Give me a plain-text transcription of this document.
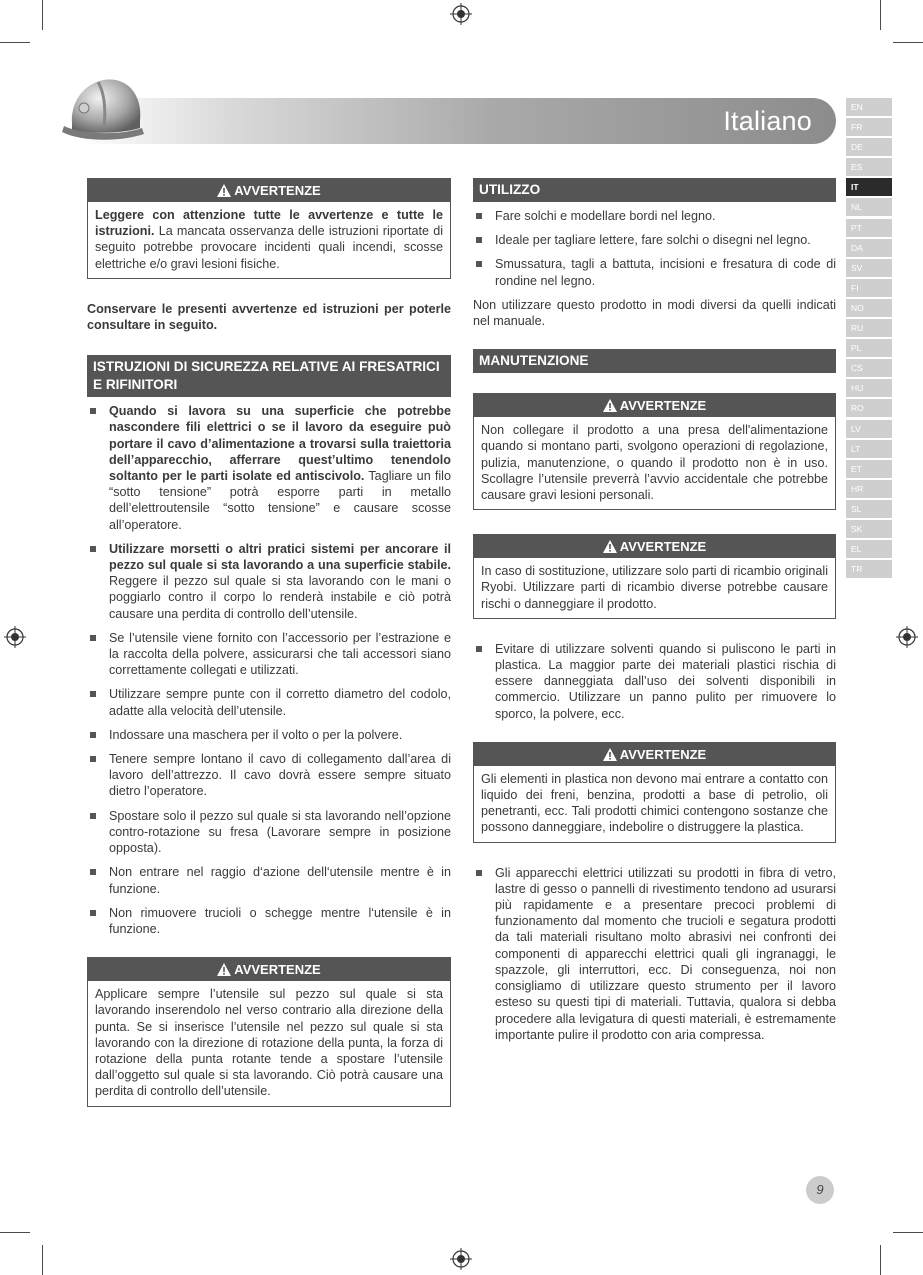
Italiano	EN
FR
DE
ES
IT
NL
PT
DA
SV
FI
NO
RU
PL
CS
HU
RO
LV
LT
ET
HR
SL
SK
EL
TR
AVVERTENZE
Leggere con attenzione tutte le avvertenze e tutte le istruzioni. La mancata osservanza delle istruzioni riportate di seguito potrebbe provocare incidenti quali incendi, scosse elettriche e/o gravi lesioni fisiche.

Conservare le presenti avvertenze ed istruzioni per poterle consultare in seguito.

ISTRUZIONI DI SICUREZZA RELATIVE AI FRESATRICI E RIFINITORI
Quando si lavora su una superficie che potrebbe nascondere fili elettrici o se il lavoro da eseguire può portare il cavo d’alimentazione a trovarsi sulla traiettoria dell’apparecchio, afferrare quest’ultimo tenendolo soltanto per le parti isolate ed antiscivolo. Tagliare un filo “sotto tensione” potrà esporre parti in metallo dell’elettroutensile “sotto tensione” e causare scosse all’operatore.
Utilizzare morsetti o altri pratici sistemi per ancorare il pezzo sul quale si sta lavorando a una superficie stabile. Reggere il pezzo sul quale si sta lavorando con le mani o poggiarlo contro il corpo lo renderà instabile e ciò potrà causare una perdita di controllo dell’utensile.
Se l’utensile viene fornito con l’accessorio per l’estrazione e la raccolta della polvere, assicurarsi che tali accessori siano correttamente collegati e utilizzati.
Utilizzare sempre punte con il corretto diametro del codolo, adatte alla velocità dell’utensile.
Indossare una maschera per il volto o per la polvere.
Tenere sempre lontano il cavo di collegamento dall’area di lavoro dell’attrezzo. Il cavo dovrà essere sempre situato dietro l’operatore.
Spostare solo il pezzo sul quale si sta lavorando nell’opzione contro-rotazione su fresa (Lavorare sempre in posizione opposta).
Non entrare nel raggio d‘azione dell‘utensile mentre è in funzione.
Non rimuovere trucioli o schegge mentre l‘utensile è in funzione.
AVVERTENZE
Applicare sempre l’utensile sul pezzo sul quale si sta lavorando inserendolo nel verso contrario alla direzione della punta. Se si inserisce l’utensile nel pezzo sul quale si sta lavorando con la direzione di rotazione della punta, la forza di rotazione della punta rotante tende a spostare l’utensile dall’oggetto sul quale si sta lavorando. Ciò potrà causare una perdita di controllo dell’utensile.
UTILIZZO
Fare solchi e modellare bordi nel legno.
Ideale per tagliare lettere, fare solchi o disegni nel legno.
Smussatura, tagli a battuta, incisioni e fresatura di code di rondine nel legno.

Non utilizzare questo prodotto in modi diversi da quelli indicati nel manuale.

MANUTENZIONE
AVVERTENZE
Non collegare il prodotto a una presa dell'alimentazione quando si montano parti, svolgono operazioni di regolazione, pulizia, manutenzione, o quando il prodotto non è in uso. Scollagre l’utensile preverrà l’avvio accidentale che potrebbe causare gravi lesioni personali.
AVVERTENZE
In caso di sostituzione, utilizzare solo parti di ricambio originali Ryobi. Utilizzare parti di ricambio diverse potrebbe causare rischi o danneggiare il prodotto.
Evitare di utilizzare solventi quando si puliscono le parti in plastica. La maggior parte dei materiali plastici rischia di essere danneggiata dall’uso dei solventi disponibili in commercio. Utilizzare un panno pulito per rimuovere lo sporco, la polvere, ecc.
AVVERTENZE
Gli elementi in plastica non devono mai entrare a contatto con liquido dei freni, benzina, prodotti a base di petrolio, oli penetranti, ecc. Tali prodotti chimici contengono sostanze che possono danneggiare, indebolire o distruggere la plastica.
Gli apparecchi elettrici utilizzati su prodotti in fibra di vetro, lastre di gesso o pannelli di rivestimento tendono ad usurarsi più rapidamente e a presentare precoci problemi di funzionamento dal momento che trucioli e segatura prodotti da tali materiali risultano molto abrasivi nei confronti dei componenti di apparecchi elettrici quali gli ingranaggi, le spazzole, gli interruttori, ecc. Di conseguenza, noi non consigliamo di utilizzare questo strumento per il lavoro esteso su questi tipi di materiali. Tuttavia, qualora si debba procedere alla levigatura di questi materiali, è estremamente importante pulire il prodotto con aria compressa.
9
